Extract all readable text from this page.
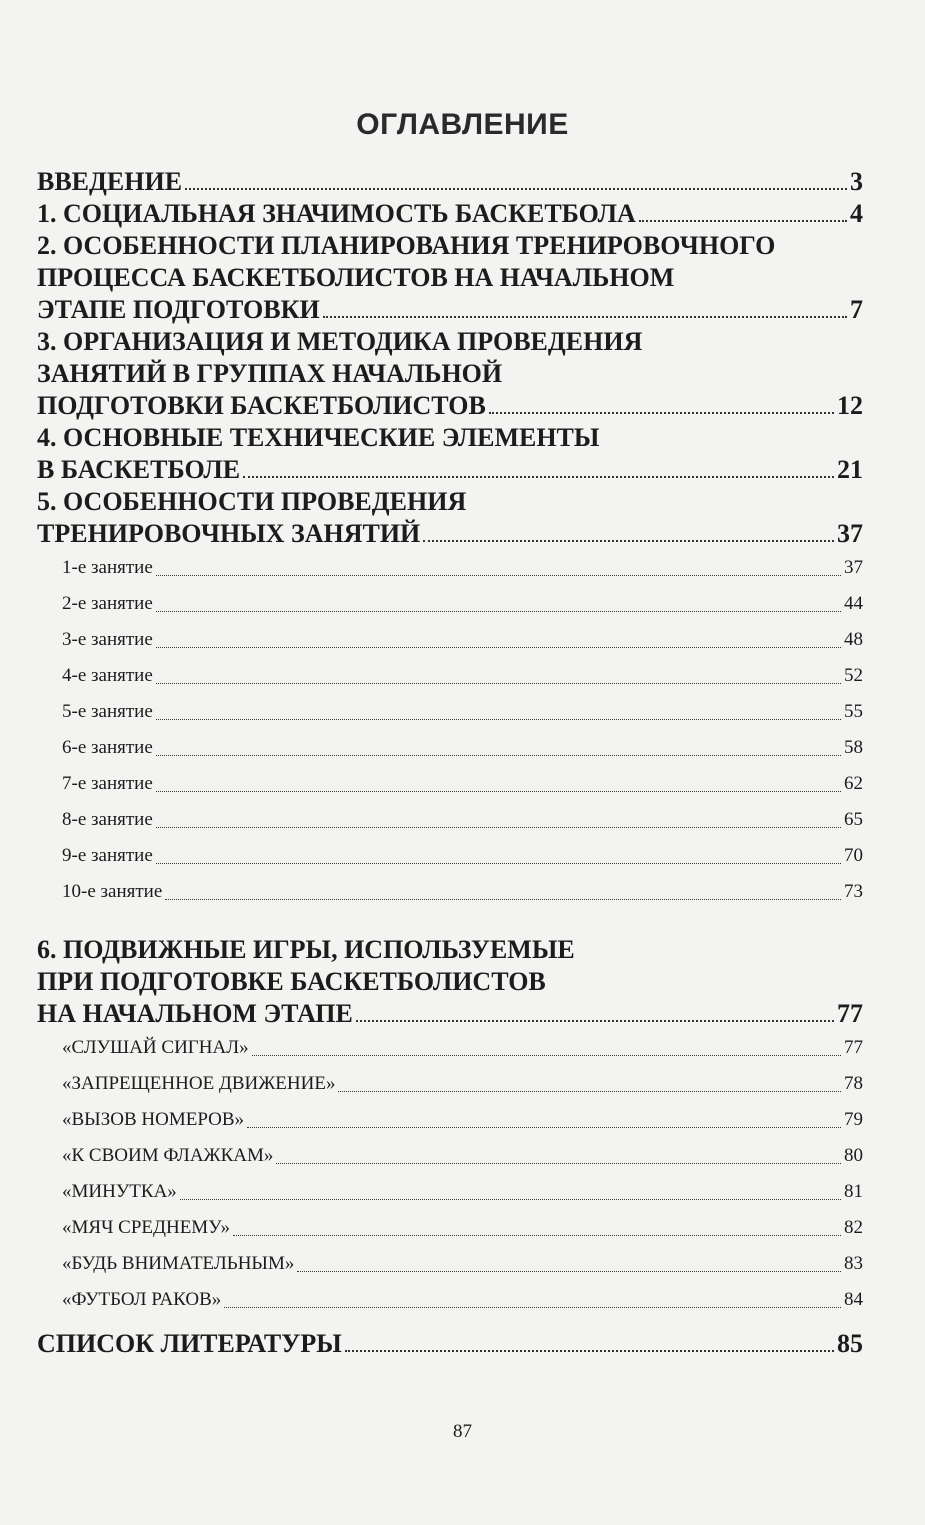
ОГЛАВЛЕНИЕ
ВВЕДЕНИЕ	3
1. СОЦИАЛЬНАЯ ЗНАЧИМОСТЬ БАСКЕТБОЛА	4
2. ОСОБЕННОСТИ ПЛАНИРОВАНИЯ ТРЕНИРОВОЧНОГО
ПРОЦЕССА БАСКЕТБОЛИСТОВ НА НАЧАЛЬНОМ
ЭТАПЕ ПОДГОТОВКИ	7
3. ОРГАНИЗАЦИЯ И МЕТОДИКА ПРОВЕДЕНИЯ
ЗАНЯТИЙ В ГРУППАХ НАЧАЛЬНОЙ
ПОДГОТОВКИ БАСКЕТБОЛИСТОВ	12
4. ОСНОВНЫЕ ТЕХНИЧЕСКИЕ ЭЛЕМЕНТЫ
В БАСКЕТБОЛЕ	21
5. ОСОБЕННОСТИ ПРОВЕДЕНИЯ
ТРЕНИРОВОЧНЫХ ЗАНЯТИЙ	37
1-е занятие	37
2-е занятие	44
3-е занятие	48
4-е занятие	52
5-е занятие	55
6-е занятие	58
7-е занятие	62
8-е занятие	65
9-е занятие	70
10-е занятие	73
6. ПОДВИЖНЫЕ ИГРЫ, ИСПОЛЬЗУЕМЫЕ
ПРИ ПОДГОТОВКЕ БАСКЕТБОЛИСТОВ
НА НАЧАЛЬНОМ ЭТАПЕ	77
«СЛУШАЙ СИГНАЛ»	77
«ЗАПРЕЩЕННОЕ ДВИЖЕНИЕ»	78
«ВЫЗОВ НОМЕРОВ»	79
«К СВОИМ ФЛАЖКАМ»	80
«МИНУТКА»	81
«МЯЧ СРЕДНЕМУ»	82
«БУДЬ ВНИМАТЕЛЬНЫМ»	83
«ФУТБОЛ РАКОВ»	84
СПИСОК ЛИТЕРАТУРЫ	85
87
